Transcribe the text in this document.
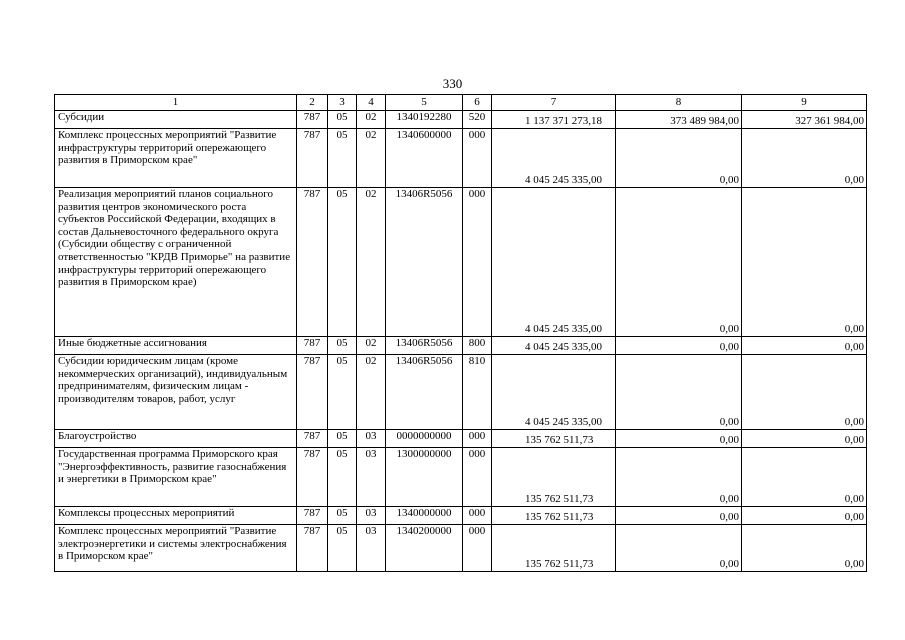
330
1	2	3	4	5	6	7	8	9
Субсидии	787	05	02	1340192280	520	1 137 371 273,18	373 489 984,00	327 361 984,00
Комплекс процессных мероприятий "Развитие инфраструктуры территорий опережающего развития в Приморском крае"	787	05	02	1340600000	000	4 045 245 335,00	0,00	0,00
Реализация мероприятий планов социального развития центров экономического роста субъектов Российской Федерации, входящих в состав Дальневосточного федерального округа (Субсидии обществу с ограниченной ответственностью "КРДВ Приморье" на развитие инфраструктуры территорий опережающего развития в Приморском крае)	787	05	02	13406R5056	000	4 045 245 335,00	0,00	0,00
Иные бюджетные ассигнования	787	05	02	13406R5056	800	4 045 245 335,00	0,00	0,00
Субсидии юридическим лицам (кроме некоммерческих организаций), индивидуальным предпринимателям, физическим лицам - производителям товаров, работ, услуг	787	05	02	13406R5056	810	4 045 245 335,00	0,00	0,00
Благоустройство	787	05	03	0000000000	000	135 762 511,73	0,00	0,00
Государственная программа Приморского края "Энергоэффективность, развитие газоснабжения и энергетики в Приморском крае"	787	05	03	1300000000	000	135 762 511,73	0,00	0,00
Комплексы процессных мероприятий	787	05	03	1340000000	000	135 762 511,73	0,00	0,00
Комплекс процессных мероприятий "Развитие электроэнергетики и системы электроснабжения в Приморском крае"	787	05	03	1340200000	000	135 762 511,73	0,00	0,00
